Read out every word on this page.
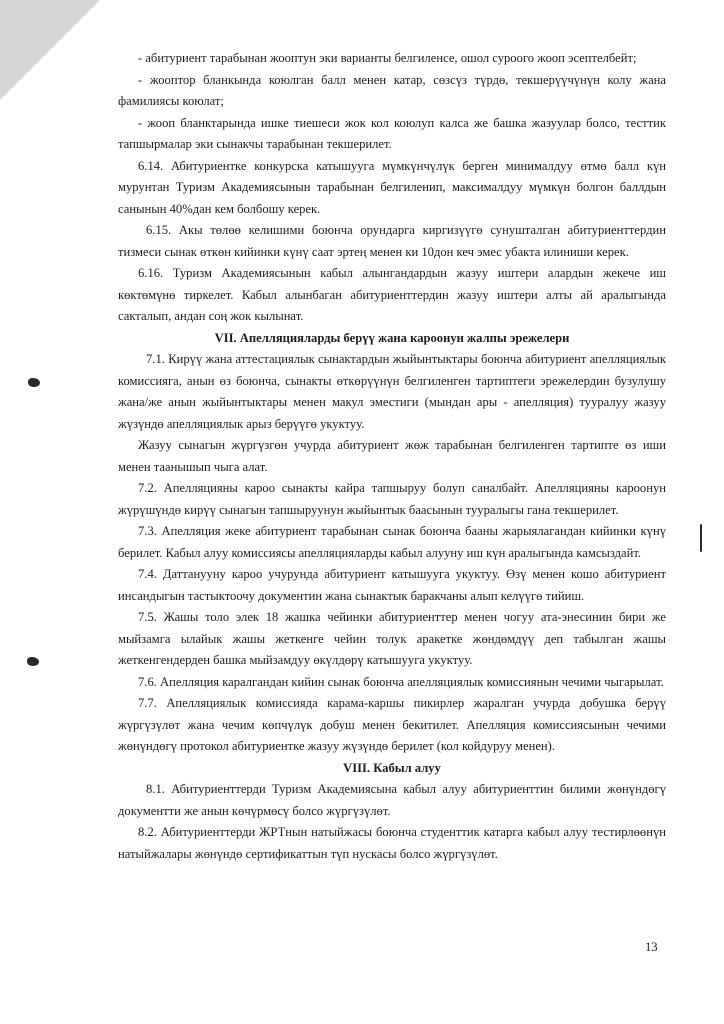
- абитуриент тарабынан жооптун эки варианты белгиленсе, ошол суроого жооп эсептелбейт;

- жооптор бланкында коюлган балл менен катар, сөзсүз түрдө, текшерүүчүнүн колу жана фамилиясы коюлат;

- жооп бланктарында ишке тиешеси жок кол коюлуп калса же башка жазуулар болсо, тесттик тапшырмалар эки сынакчы тарабынан текшерилет.

6.14. Абитуриентке конкурска катышууга мүмкүнчүлүк берген минималдуу өтмө балл күн мурунтан Туризм Академиясынын тарабынан белгиленип, максималдуу мүмкүн болгон баллдын санынын 40%дан кем болбошу керек.

6.15. Акы төлөө келишими боюнча орундарга киргизүүгө сунушталган абитуриенттердин тизмеси сынак өткөн кийинки күнү саат эртең менен ки 10дон кеч эмес убакта илиниши керек.

6.16. Туризм Академиясынын кабыл алынгандардын жазуу иштери алардын жекече иш көктөмүнө тиркелет. Кабыл алынбаган абитуриенттердин жазуу иштери алты ай аралыгында сакталып, андан соң жок кылынат.

VII. Апелляцияларды берүү жана кароонун жалпы эрежелери

7.1. Кирүү жана аттестациялык сынактардын жыйынтыктары боюнча абитуриент апелляциялык комиссияга, анын өз боюнча, сынакты өткөрүүнүн белгиленген тартиптеги эрежелердин бузулушу жана/же анын жыйынтыктары менен макул эместиги (мындан ары - апелляция) тууралуу жазуу жүзүндө апелляциялык арыз берүүгө укуктуу.

Жазуу сынагын жүргүзгөн учурда абитуриент жөж тарабынан белгиленген тартипте өз иши менен таанышып чыга алат.

7.2. Апелляцияны кароо сынакты кайра тапшыруу болуп саналбайт. Апелляцияны кароонун жүрүшүндө кирүү сынагын тапшыруунун жыйынтык баасынын тууралыгы гана текшерилет.

7.3. Апелляция жеке абитуриент тарабынан сынак боюнча бааны жарыялагандан кийинки күнү берилет. Кабыл алуу комиссиясы апелляцияларды кабыл алууну иш күн аралыгында камсыздайт.

7.4. Даттанууну кароо учурунда абитуриент катышууга укуктуу. Өзү менен кошо абитуриент инсандыгын тастыктоочу документин жана сынактык баракчаны алып келүүгө тийиш.

7.5. Жашы толо элек 18 жашка чейинки абитуриенттер менен чогуу ата-энесинин бири же мыйзамга ылайык жашы жеткенге чейин толук аракетке жөндөмдүү деп табылган жашы жеткенгендерден башка мыйзамдуу өкүлдөрү катышууга укуктуу.

7.6. Апелляция каралгандан кийин сынак боюнча апелляциялык комиссиянын чечими чыгарылат.

7.7. Апелляциялык комиссияда карама-каршы пикирлер жаралган учурда добушка берүү жүргүзүлөт жана чечим көпчүлүк добуш менен бекитилет. Апелляция комиссиясынын чечими жөнүндөгү протокол абитуриентке жазуу жүзүндө берилет (кол койдуруу менен).

VIII. Кабыл алуу

8.1. Абитуриенттерди Туризм Академиясына кабыл алуу абитуриенттин билими жөнүндөгү документти же анын көчүрмөсү болсо жүргүзүлөт.

8.2. Абитуриенттерди ЖРТнын натыйжасы боюнча студенттик катарга кабыл алуу тестирлөөнүн натыйжалары жөнүндө сертификаттын түп нускасы болсо жүргүзүлөт.

13
